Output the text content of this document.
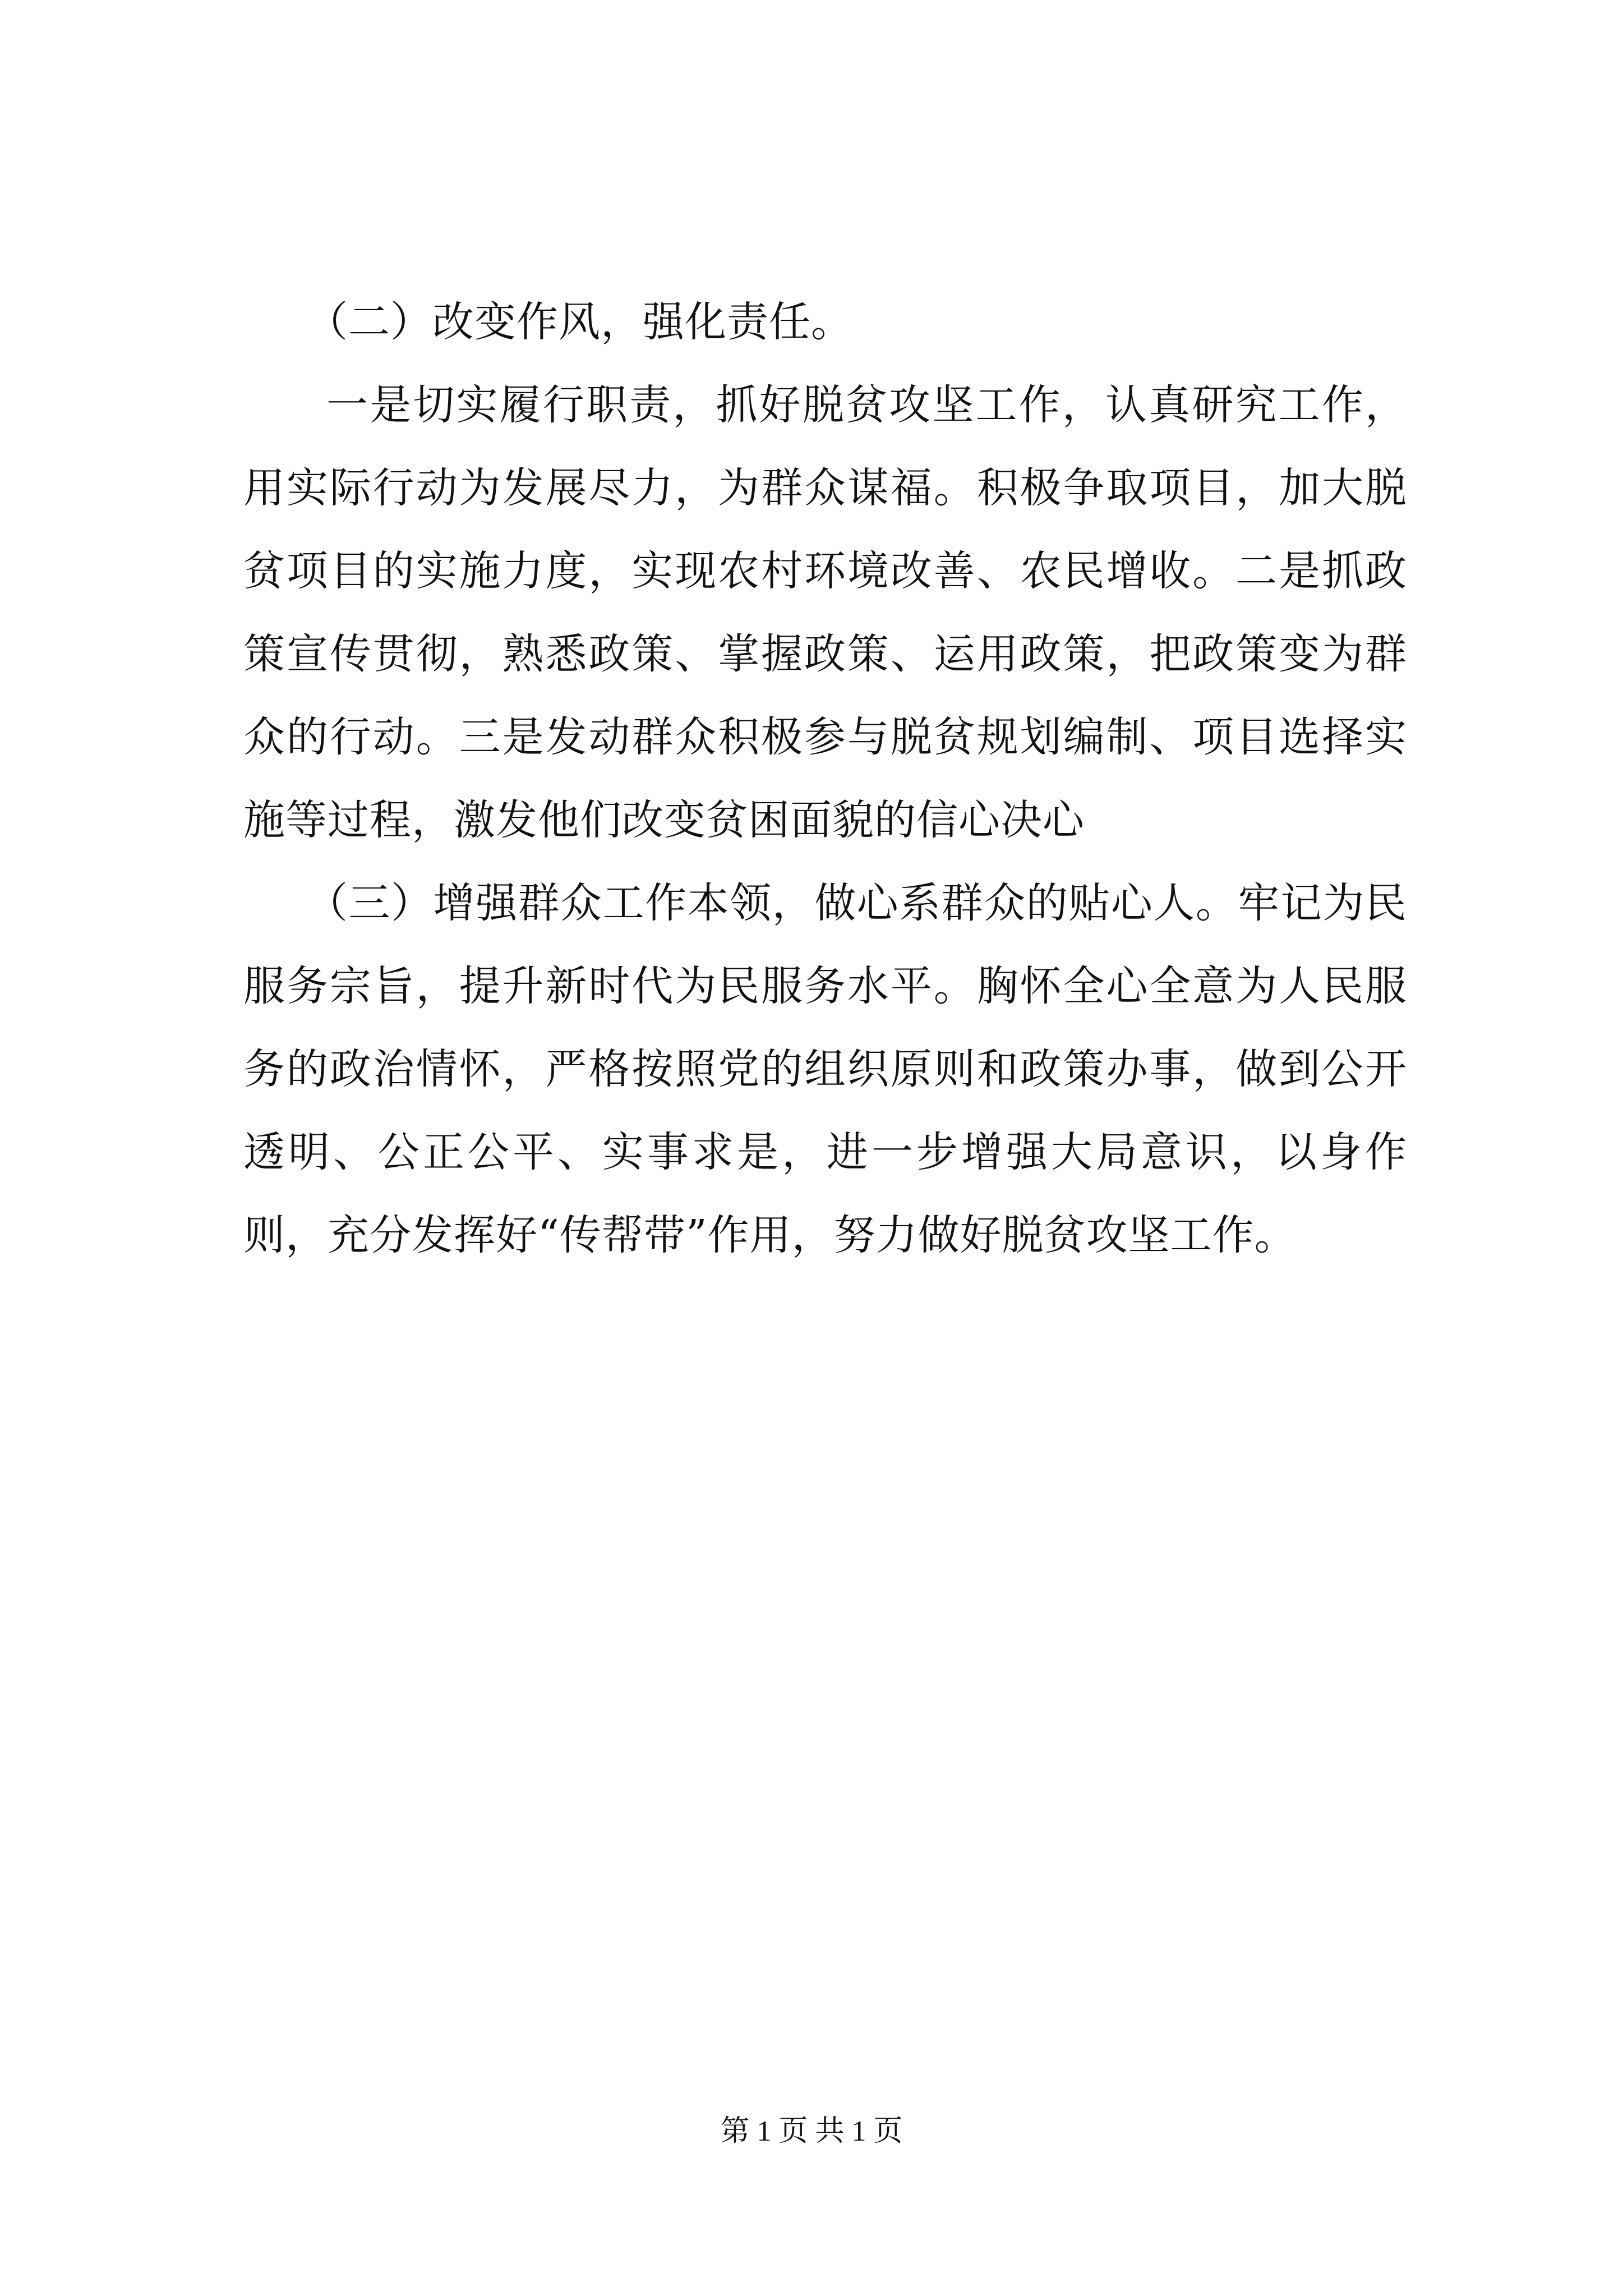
（二）改变作风，强化责任。

一是切实履行职责，抓好脱贫攻坚工作，认真研究工作，用实际行动为发展尽力，为群众谋福。积极争取项目，加大脱贫项目的实施力度，实现农村环境改善、农民增收。二是抓政策宣传贯彻，熟悉政策、掌握政策、运用政策，把政策变为群众的行动。三是发动群众积极参与脱贫规划编制、项目选择实施等过程，激发他们改变贫困面貌的信心决心

（三）增强群众工作本领，做心系群众的贴心人。牢记为民服务宗旨，提升新时代为民服务水平。胸怀全心全意为人民服务的政治情怀，严格按照党的组织原则和政策办事，做到公开透明、公正公平、实事求是，进一步增强大局意识，以身作则，充分发挥好“传帮带”作用，努力做好脱贫攻坚工作。

第 1 页 共 1 页
